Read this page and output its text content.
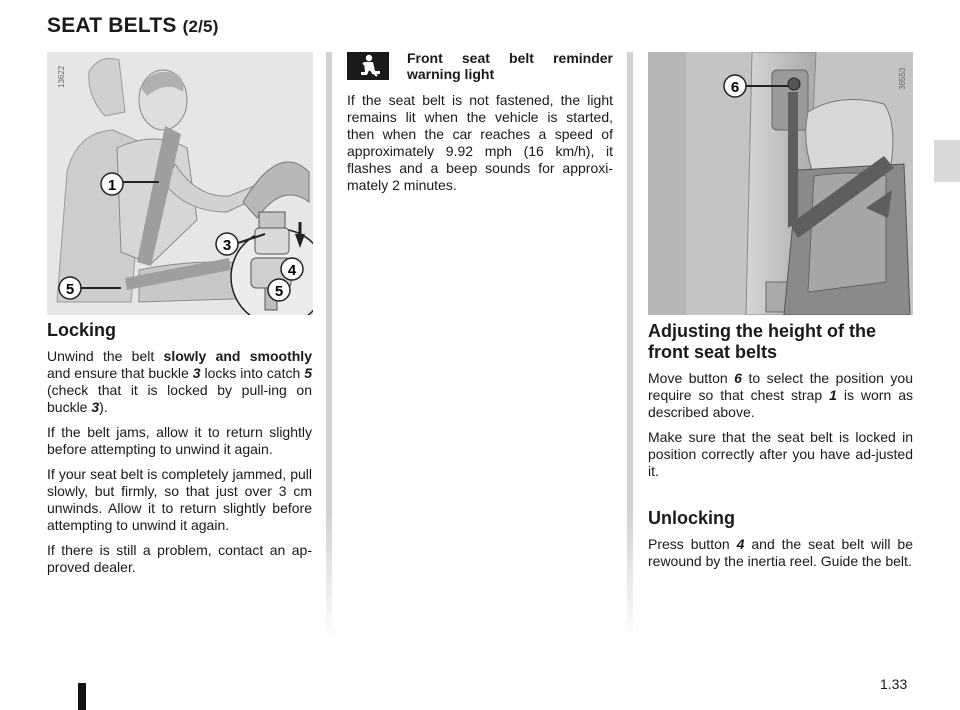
SEAT BELTS (2/5)
1
3
4
5	5
13622	6	36553
Locking

Unwind the belt slowly and smoothly and ensure that buckle 3 locks into catch 5 (check that it is locked by pull-ing on buckle 3).

If the belt jams, allow it to return slightly before attempting to unwind it again.

If your seat belt is completely jammed, pull slowly, but firmly, so that just over 3 cm unwinds. Allow it to return slightly before attempting to unwind it again.

If there is still a problem, contact an ap-proved dealer.

Front seat belt reminder warning light

If the seat belt is not fastened, the light remains lit when the vehicle is started, then when the car reaches a speed of approximately 9.92 mph (16 km/h), it flashes and a beep sounds for approxi-mately 2 minutes.

Adjusting the height of the front seat belts

Move button 6 to select the position you require so that chest strap 1 is worn as described above.

Make sure that the seat belt is locked in position correctly after you have ad-justed it.

Unlocking

Press button 4 and the seat belt will be rewound by the inertia reel. Guide the belt.

1.33
